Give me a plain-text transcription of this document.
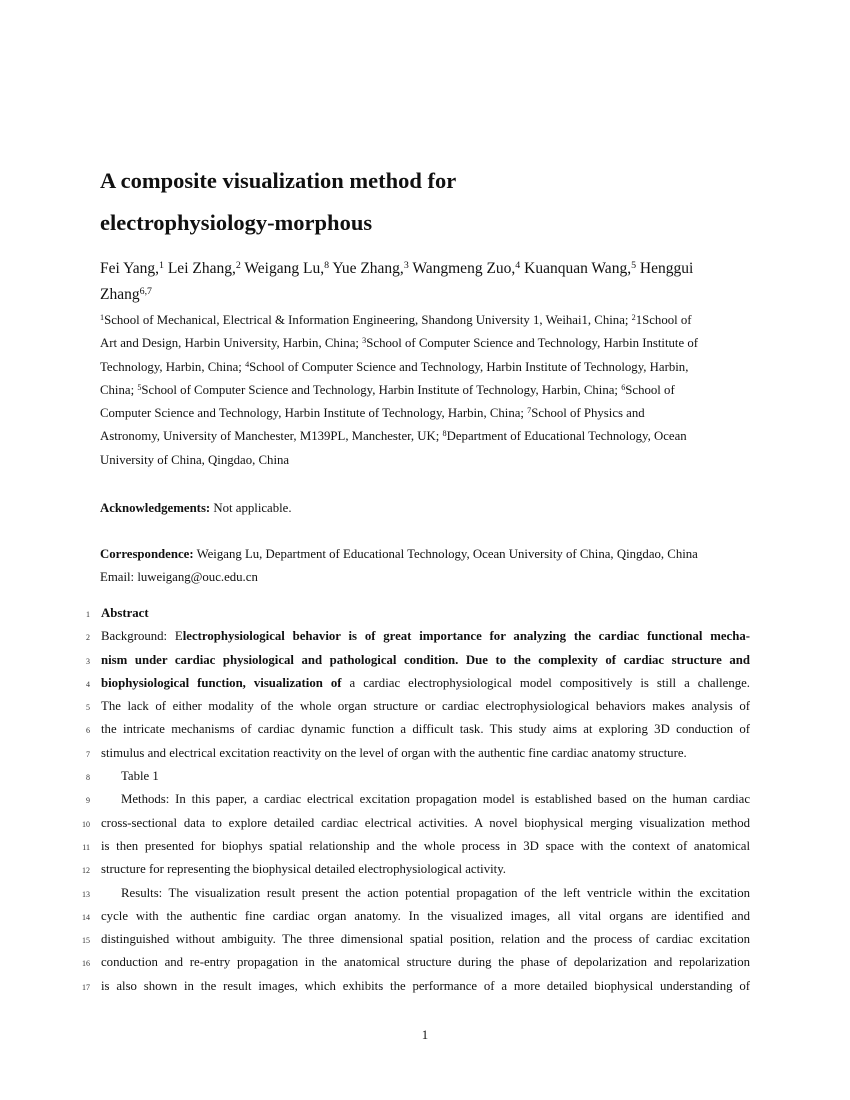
A composite visualization method for
electrophysiology-morphous
Fei Yang,$^1$ Lei Zhang,$^2$ Weigang Lu,$^8$ Yue Zhang,$^3$ Wangmeng Zuo,$^4$ Kuanquan Wang,$^5$ Henggui
Zhang$^{6,7}$
$^1$School of Mechanical, Electrical & Information Engineering, Shandong University 1, Weihai1, China; $^2$1School of
Art and Design, Harbin University, Harbin, China; $^3$School of Computer Science and Technology, Harbin Institute of
Technology, Harbin, China; $^4$School of Computer Science and Technology, Harbin Institute of Technology, Harbin,
China; $^5$School of Computer Science and Technology, Harbin Institute of Technology, Harbin, China; $^6$School of
Computer Science and Technology, Harbin Institute of Technology, Harbin, China; $^7$School of Physics and
Astronomy, University of Manchester, M139PL, Manchester, UK; $^8$Department of Educational Technology, Ocean
University of China, Qingdao, China
Acknowledgements: Not applicable.
Correspondence: Weigang Lu, Department of Educational Technology, Ocean University of China, Qingdao, China
Email: luweigang@ouc.edu.cn
1 Abstract
2 Background: Electrophysiological behavior is of great importance for analyzing the cardiac functional mecha-
3 nism under cardiac physiological and pathological condition. Due to the complexity of cardiac structure and
4 biophysiological function, visualization of a cardiac electrophysiological model compositively is still a challenge.
5 The lack of either modality of the whole organ structure or cardiac electrophysiological behaviors makes analysis of
6 the intricate mechanisms of cardiac dynamic function a difficult task. This study aims at exploring 3D conduction of
7 stimulus and electrical excitation reactivity on the level of organ with the authentic fine cardiac anatomy structure.
8	Table 1
9	Methods: In this paper, a cardiac electrical excitation propagation model is established based on the human cardiac
10 cross-sectional data to explore detailed cardiac electrical activities. A novel biophysical merging visualization method
11 is then presented for biophys spatial relationship and the whole process in 3D space with the context of anatomical
12 structure for representing the biophysical detailed electrophysiological activity.
13	Results: The visualization result present the action potential propagation of the left ventricle within the excitation
14 cycle with the authentic fine cardiac organ anatomy. In the visualized images, all vital organs are identified and
15 distinguished without ambiguity. The three dimensional spatial position, relation and the process of cardiac excitation
16 conduction and re-entry propagation in the anatomical structure during the phase of depolarization and repolarization
17 is also shown in the result images, which exhibits the performance of a more detailed biophysical understanding of
1
